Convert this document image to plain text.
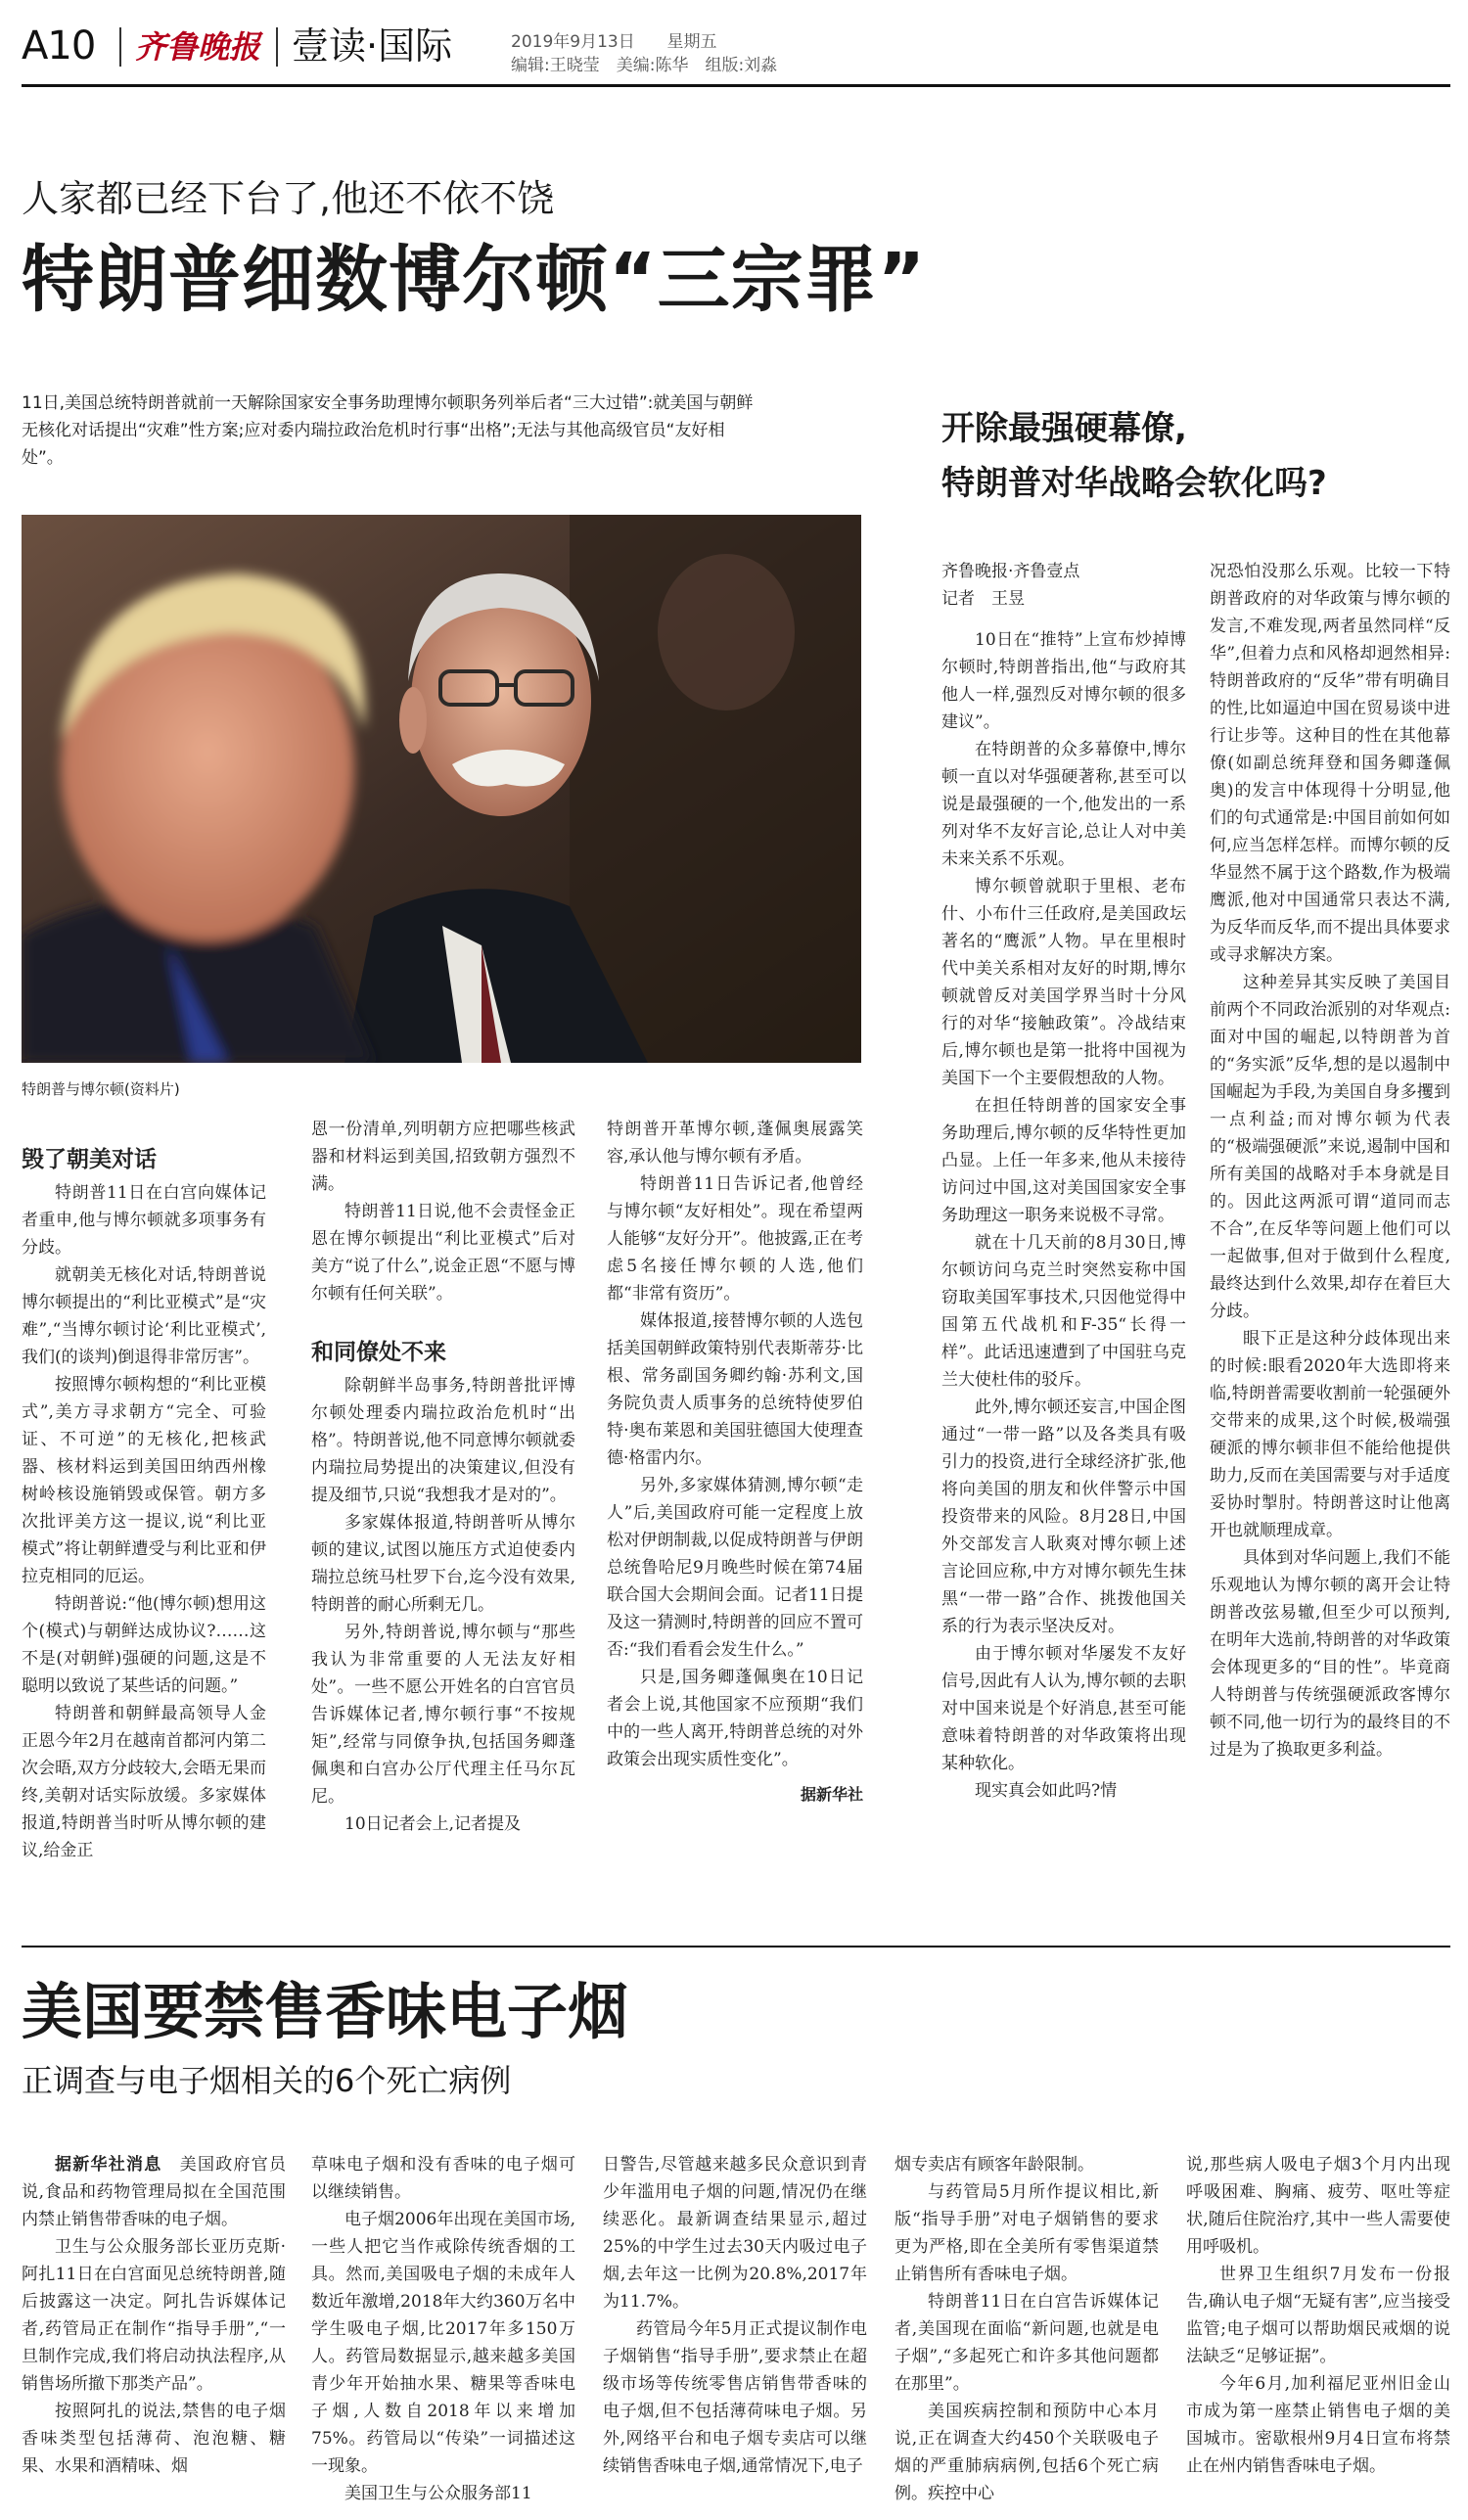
A10 齐鲁晚报 壹读·国际	2019年9月13日 星期五
编辑:王晓莹　美编:陈华　组版:刘淼
人家都已经下台了,他还不依不饶
特朗普细数博尔顿“三宗罪”
11日,美国总统特朗普就前一天解除国家安全事务助理博尔顿职务列举后者“三大过错”:就美国与朝鲜无核化对话提出“灾难”性方案;应对委内瑞拉政治危机时行事“出格”;无法与其他高级官员“友好相处”。
开除最强硬幕僚,
特朗普对华战略会软化吗?
特朗普与博尔顿(资料片)
毁了朝美对话

特朗普11日在白宫向媒体记者重申,他与博尔顿就多项事务有分歧。

就朝美无核化对话,特朗普说博尔顿提出的“利比亚模式”是“灾难”,“当博尔顿讨论‘利比亚模式’,我们(的谈判)倒退得非常厉害”。

按照博尔顿构想的“利比亚模式”,美方寻求朝方“完全、可验证、不可逆”的无核化,把核武器、核材料运到美国田纳西州橡树岭核设施销毁或保管。朝方多次批评美方这一提议,说“利比亚模式”将让朝鲜遭受与利比亚和伊拉克相同的厄运。

特朗普说:“他(博尔顿)想用这个(模式)与朝鲜达成协议?……这不是(对朝鲜)强硬的问题,这是不聪明以致说了某些话的问题。”

特朗普和朝鲜最高领导人金正恩今年2月在越南首都河内第二次会晤,双方分歧较大,会晤无果而终,美朝对话实际放缓。多家媒体报道,特朗普当时听从博尔顿的建议,给金正

恩一份清单,列明朝方应把哪些核武器和材料运到美国,招致朝方强烈不满。

特朗普11日说,他不会责怪金正恩在博尔顿提出“利比亚模式”后对美方“说了什么”,说金正恩“不愿与博尔顿有任何关联”。

和同僚处不来

除朝鲜半岛事务,特朗普批评博尔顿处理委内瑞拉政治危机时“出格”。特朗普说,他不同意博尔顿就委内瑞拉局势提出的决策建议,但没有提及细节,只说“我想我才是对的”。

多家媒体报道,特朗普听从博尔顿的建议,试图以施压方式迫使委内瑞拉总统马杜罗下台,迄今没有效果,特朗普的耐心所剩无几。

另外,特朗普说,博尔顿与“那些我认为非常重要的人无法友好相处”。一些不愿公开姓名的白宫官员告诉媒体记者,博尔顿行事“不按规矩”,经常与同僚争执,包括国务卿蓬佩奥和白宫办公厅代理主任马尔瓦尼。

10日记者会上,记者提及

特朗普开革博尔顿,蓬佩奥展露笑容,承认他与博尔顿有矛盾。

特朗普11日告诉记者,他曾经与博尔顿“友好相处”。现在希望两人能够“友好分开”。他披露,正在考虑5名接任博尔顿的人选,他们都“非常有资历”。

媒体报道,接替博尔顿的人选包括美国朝鲜政策特别代表斯蒂芬·比根、常务副国务卿约翰·苏利文,国务院负责人质事务的总统特使罗伯特·奥布莱恩和美国驻德国大使理查德·格雷内尔。

另外,多家媒体猜测,博尔顿“走人”后,美国政府可能一定程度上放松对伊朗制裁,以促成特朗普与伊朗总统鲁哈尼9月晚些时候在第74届联合国大会期间会面。记者11日提及这一猜测时,特朗普的回应不置可否:“我们看看会发生什么。”

只是,国务卿蓬佩奥在10日记者会上说,其他国家不应预期“我们中的一些人离开,特朗普总统的对外政策会出现实质性变化”。

据新华社
齐鲁晚报·齐鲁壹点
记者　王昱

10日在“推特”上宣布炒掉博尔顿时,特朗普指出,他“与政府其他人一样,强烈反对博尔顿的很多建议”。

在特朗普的众多幕僚中,博尔顿一直以对华强硬著称,甚至可以说是最强硬的一个,他发出的一系列对华不友好言论,总让人对中美未来关系不乐观。

博尔顿曾就职于里根、老布什、小布什三任政府,是美国政坛著名的“鹰派”人物。早在里根时代中美关系相对友好的时期,博尔顿就曾反对美国学界当时十分风行的对华“接触政策”。冷战结束后,博尔顿也是第一批将中国视为美国下一个主要假想敌的人物。

在担任特朗普的国家安全事务助理后,博尔顿的反华特性更加凸显。上任一年多来,他从未接待访问过中国,这对美国国家安全事务助理这一职务来说极不寻常。

就在十几天前的8月30日,博尔顿访问乌克兰时突然妄称中国窃取美国军事技术,只因他觉得中国第五代战机和F-35“长得一样”。此话迅速遭到了中国驻乌克兰大使杜伟的驳斥。

此外,博尔顿还妄言,中国企图通过“一带一路”以及各类具有吸引力的投资,进行全球经济扩张,他将向美国的朋友和伙伴警示中国投资带来的风险。8月28日,中国外交部发言人耿爽对博尔顿上述言论回应称,中方对博尔顿先生抹黑“一带一路”合作、挑拨他国关系的行为表示坚决反对。

由于博尔顿对华屡发不友好信号,因此有人认为,博尔顿的去职对中国来说是个好消息,甚至可能意味着特朗普的对华政策将出现某种软化。

现实真会如此吗?情

况恐怕没那么乐观。比较一下特朗普政府的对华政策与博尔顿的发言,不难发现,两者虽然同样“反华”,但着力点和风格却迥然相异:特朗普政府的“反华”带有明确目的性,比如逼迫中国在贸易谈中进行让步等。这种目的性在其他幕僚(如副总统拜登和国务卿蓬佩奥)的发言中体现得十分明显,他们的句式通常是:中国目前如何如何,应当怎样怎样。而博尔顿的反华显然不属于这个路数,作为极端鹰派,他对中国通常只表达不满,为反华而反华,而不提出具体要求或寻求解决方案。

这种差异其实反映了美国目前两个不同政治派别的对华观点:面对中国的崛起,以特朗普为首的“务实派”反华,想的是以遏制中国崛起为手段,为美国自身多攫到一点利益;而对博尔顿为代表的“极端强硬派”来说,遏制中国和所有美国的战略对手本身就是目的。因此这两派可谓“道同而志不合”,在反华等问题上他们可以一起做事,但对于做到什么程度,最终达到什么效果,却存在着巨大分歧。

眼下正是这种分歧体现出来的时候:眼看2020年大选即将来临,特朗普需要收割前一轮强硬外交带来的成果,这个时候,极端强硬派的博尔顿非但不能给他提供助力,反而在美国需要与对手适度妥协时掣肘。特朗普这时让他离开也就顺理成章。

具体到对华问题上,我们不能乐观地认为博尔顿的离开会让特朗普改弦易辙,但至少可以预判,在明年大选前,特朗普的对华政策会体现更多的“目的性”。毕竟商人特朗普与传统强硬派政客博尔顿不同,他一切行为的最终目的不过是为了换取更多利益。

美国要禁售香味电子烟
正调查与电子烟相关的6个死亡病例

据新华社消息　美国政府官员说,食品和药物管理局拟在全国范围内禁止销售带香味的电子烟。

卫生与公众服务部长亚历克斯·阿扎11日在白宫面见总统特朗普,随后披露这一决定。阿扎告诉媒体记者,药管局正在制作“指导手册”,“一旦制作完成,我们将启动执法程序,从销售场所撤下那类产品”。

按照阿扎的说法,禁售的电子烟香味类型包括薄荷、泡泡糖、糖果、水果和酒精味、烟

草味电子烟和没有香味的电子烟可以继续销售。

电子烟2006年出现在美国市场,一些人把它当作戒除传统香烟的工具。然而,美国吸电子烟的未成年人数近年激增,2018年大约360万名中学生吸电子烟,比2017年多150万人。药管局数据显示,越来越多美国青少年开始抽水果、糖果等香味电子烟,人数自2018年以来增加75%。药管局以“传染”一词描述这一现象。

美国卫生与公众服务部11

日警告,尽管越来越多民众意识到青少年滥用电子烟的问题,情况仍在继续恶化。最新调查结果显示,超过25%的中学生过去30天内吸过电子烟,去年这一比例为20.8%,2017年为11.7%。

药管局今年5月正式提议制作电子烟销售“指导手册”,要求禁止在超级市场等传统零售店销售带香味的电子烟,但不包括薄荷味电子烟。另外,网络平台和电子烟专卖店可以继续销售香味电子烟,通常情况下,电子

烟专卖店有顾客年龄限制。

与药管局5月所作提议相比,新版“指导手册”对电子烟销售的要求更为严格,即在全美所有零售渠道禁止销售所有香味电子烟。

特朗普11日在白宫告诉媒体记者,美国现在面临“新问题,也就是电子烟”,“多起死亡和许多其他问题都在那里”。

美国疾病控制和预防中心本月说,正在调查大约450个关联吸电子烟的严重肺病病例,包括6个死亡病例。疾控中心

说,那些病人吸电子烟3个月内出现呼吸困难、胸痛、疲劳、呕吐等症状,随后住院治疗,其中一些人需要使用呼吸机。

世界卫生组织7月发布一份报告,确认电子烟“无疑有害”,应当接受监管;电子烟可以帮助烟民戒烟的说法缺乏“足够证据”。

今年6月,加利福尼亚州旧金山市成为第一座禁止销售电子烟的美国城市。密歇根州9月4日宣布将禁止在州内销售香味电子烟。
